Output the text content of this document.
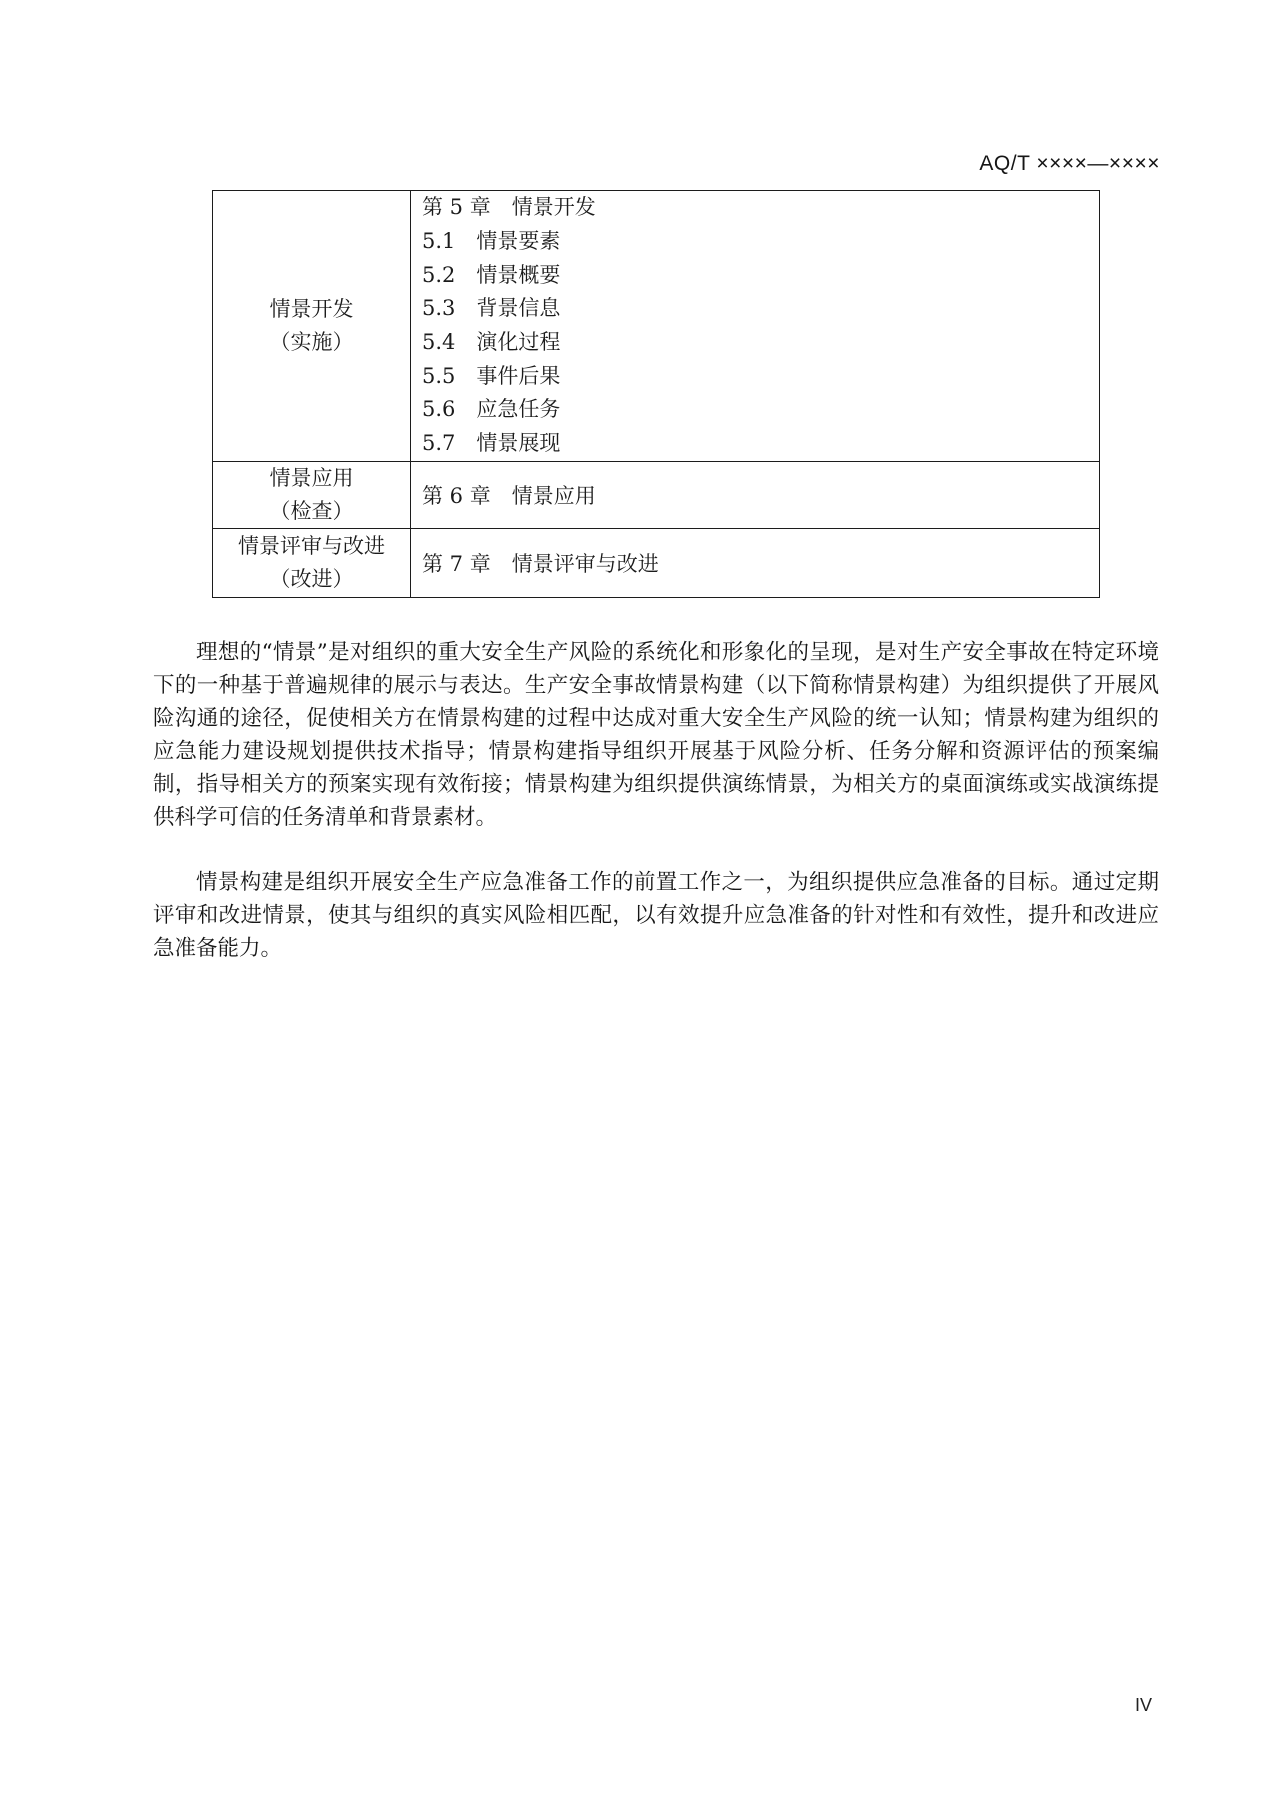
AQ/T ××××—××××
情景开发
（实施）
第 5 章　情景开发
5.1　情景要素
5.2　情景概要
5.3　背景信息
5.4　演化过程
5.5　事件后果
5.6　应急任务
5.7　情景展现
情景应用
（检查）
第 6 章　情景应用
情景评审与改进
（改进）
第 7 章　情景评审与改进

理想的“情景”是对组织的重大安全生产风险的系统化和形象化的呈现，是对生产安全事故在特定环境下的一种基于普遍规律的展示与表达。生产安全事故情景构建（以下简称情景构建）为组织提供了开展风险沟通的途径，促使相关方在情景构建的过程中达成对重大安全生产风险的统一认知；情景构建为组织的应急能力建设规划提供技术指导；情景构建指导组织开展基于风险分析、任务分解和资源评估的预案编制，指导相关方的预案实现有效衔接；情景构建为组织提供演练情景，为相关方的桌面演练或实战演练提供科学可信的任务清单和背景素材。

情景构建是组织开展安全生产应急准备工作的前置工作之一，为组织提供应急准备的目标。通过定期评审和改进情景，使其与组织的真实风险相匹配，以有效提升应急准备的针对性和有效性，提升和改进应急准备能力。

IV
